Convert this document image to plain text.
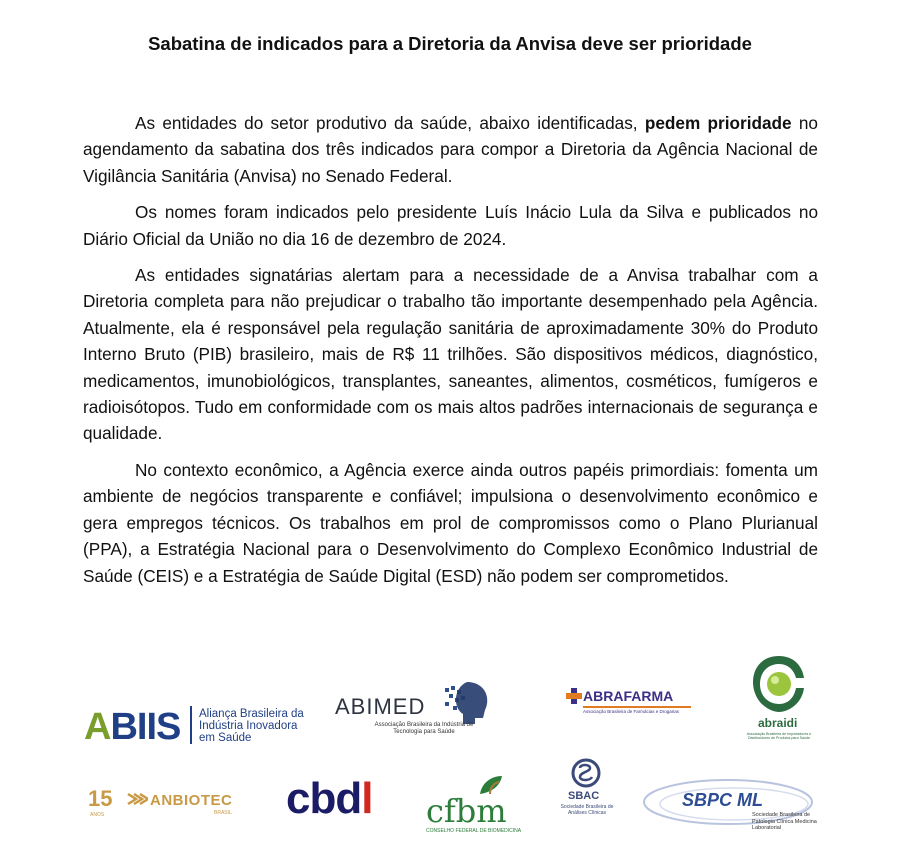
Sabatina de indicados para a Diretoria da Anvisa deve ser prioridade

As entidades do setor produtivo da saúde, abaixo identificadas, pedem prioridade no agendamento da sabatina dos três indicados para compor a Diretoria da Agência Nacional de Vigilância Sanitária (Anvisa) no Senado Federal.

Os nomes foram indicados pelo presidente Luís Inácio Lula da Silva e publicados no Diário Oficial da União no dia 16 de dezembro de 2024.

As entidades signatárias alertam para a necessidade de a Anvisa trabalhar com a Diretoria completa para não prejudicar o trabalho tão importante desempenhado pela Agência. Atualmente, ela é responsável pela regulação sanitária de aproximadamente 30% do Produto Interno Bruto (PIB) brasileiro, mais de R$ 11 trilhões. São dispositivos médicos, diagnóstico, medicamentos, imunobiológicos, transplantes, saneantes, alimentos, cosméticos, fumígeros e radioisótopos. Tudo em conformidade com os mais altos padrões internacionais de segurança e qualidade.

No contexto econômico, a Agência exerce ainda outros papéis primordiais: fomenta um ambiente de negócios transparente e confiável; impulsiona o desenvolvimento econômico e gera empregos técnicos. Os trabalhos em prol de compromissos como o Plano Plurianual (PPA), a Estratégia Nacional para o Desenvolvimento do Complexo Econômico Industrial de Saúde (CEIS) e a Estratégia de Saúde Digital (ESD) não podem ser comprometidos.

ABIIS Aliança Brasileira da Indústria Inovadora em Saúde
ABIMED
Associação Brasileira da Indústria de Tecnologia para Saúde
ABRAFARMA
Associação Brasileira de Farmácias e Drogarias
abraidi
Associação Brasileira de Importadores e Distribuidores de Produtos para Saúde
15
ANOS
ANBIOTEC
BRASIL cbdl cfbm
CONSELHO FEDERAL DE BIOMEDICINA
SBAC
Sociedade Brasileira de Análises Clínicas
SBPC ML
Sociedade Brasileira de Patologia Clínica Medicina Laboratorial
